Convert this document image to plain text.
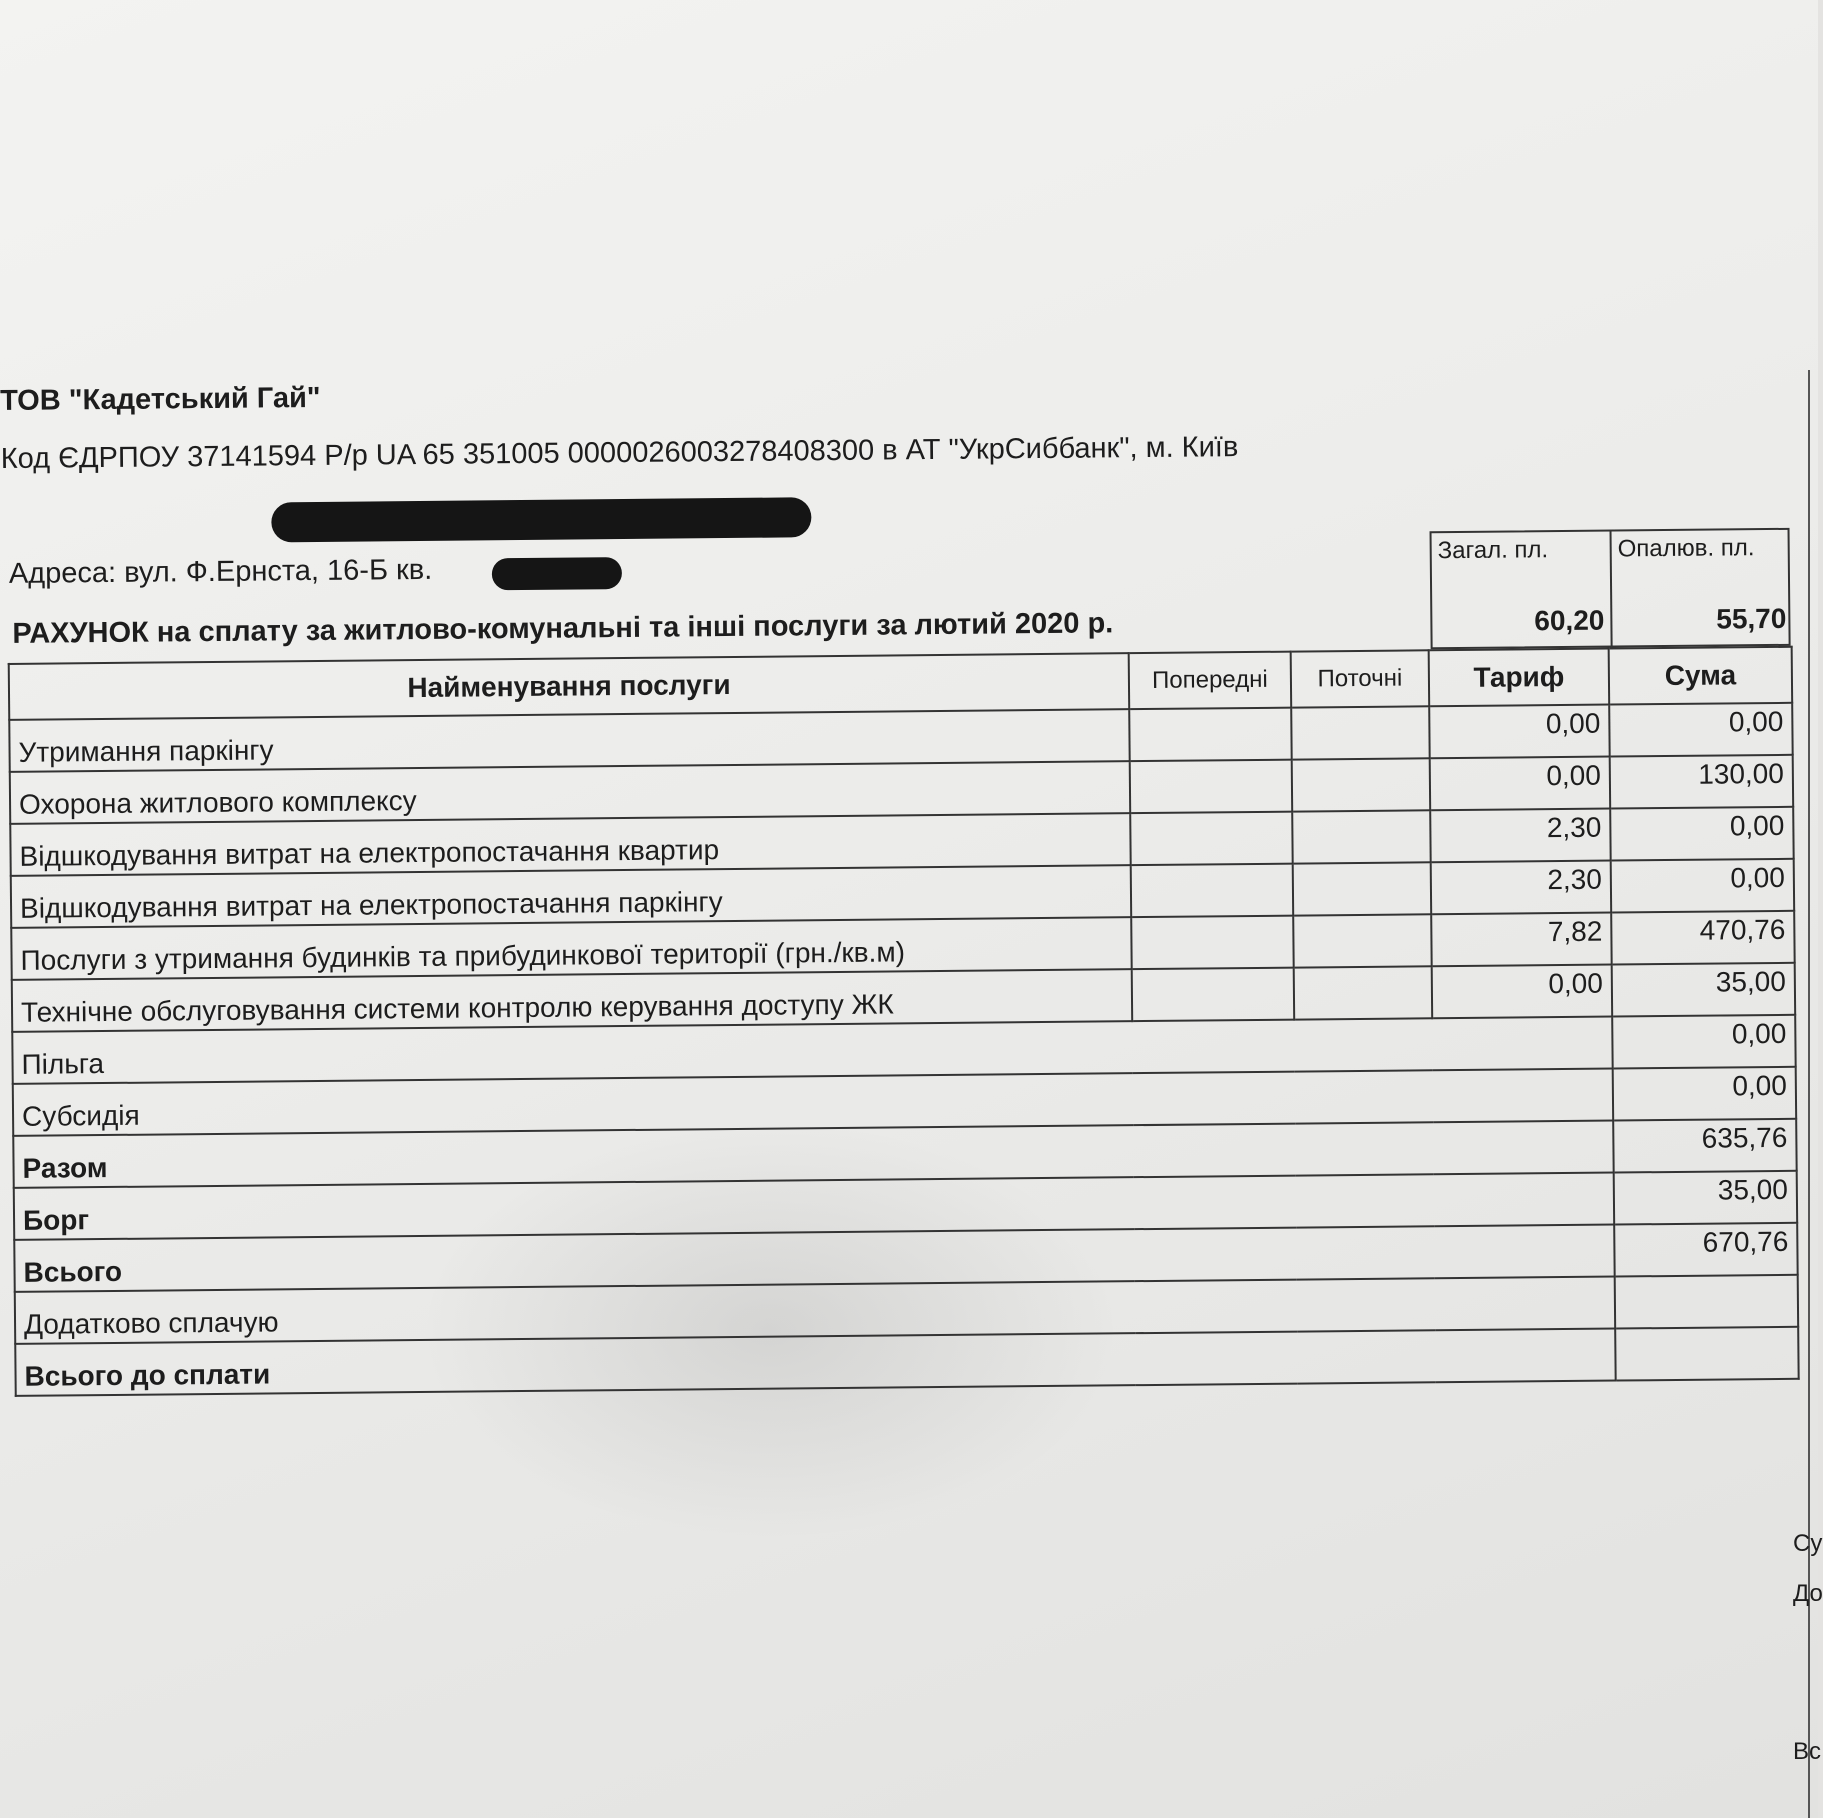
ТОВ "Кадетський Гай"
Код ЄДРПОУ 37141594 Р/р UA 65 351005 0000026003278408300 в АТ "УкрСиббанк", м. Київ
Адреса: вул. Ф.Ернста, 16-Б кв.
РАХУНОК на сплату за житлово-комунальні та інші послуги за лютий 2020 р.
Загал. пл.	Опалюв. пл.
60,20	55,70
Найменування послуги	Попередні	Поточні	Тариф	Сума
Утримання паркінгу			0,00	0,00
Охорона житлового комплексу			0,00	130,00
Відшкодування витрат на електропостачання квартир			2,30	0,00
Відшкодування витрат на електропостачання паркінгу			2,30	0,00
Послуги з утримання будинків та прибудинкової території (грн./кв.м)			7,82	470,76
Технічне обслуговування системи контролю керування доступу ЖК			0,00	35,00
Пільга				0,00
Субсидія				0,00
Разом				635,76
Борг				35,00
Всього				670,76
Додатково сплачую				
Всього до сплати				
Су
До
Вс
